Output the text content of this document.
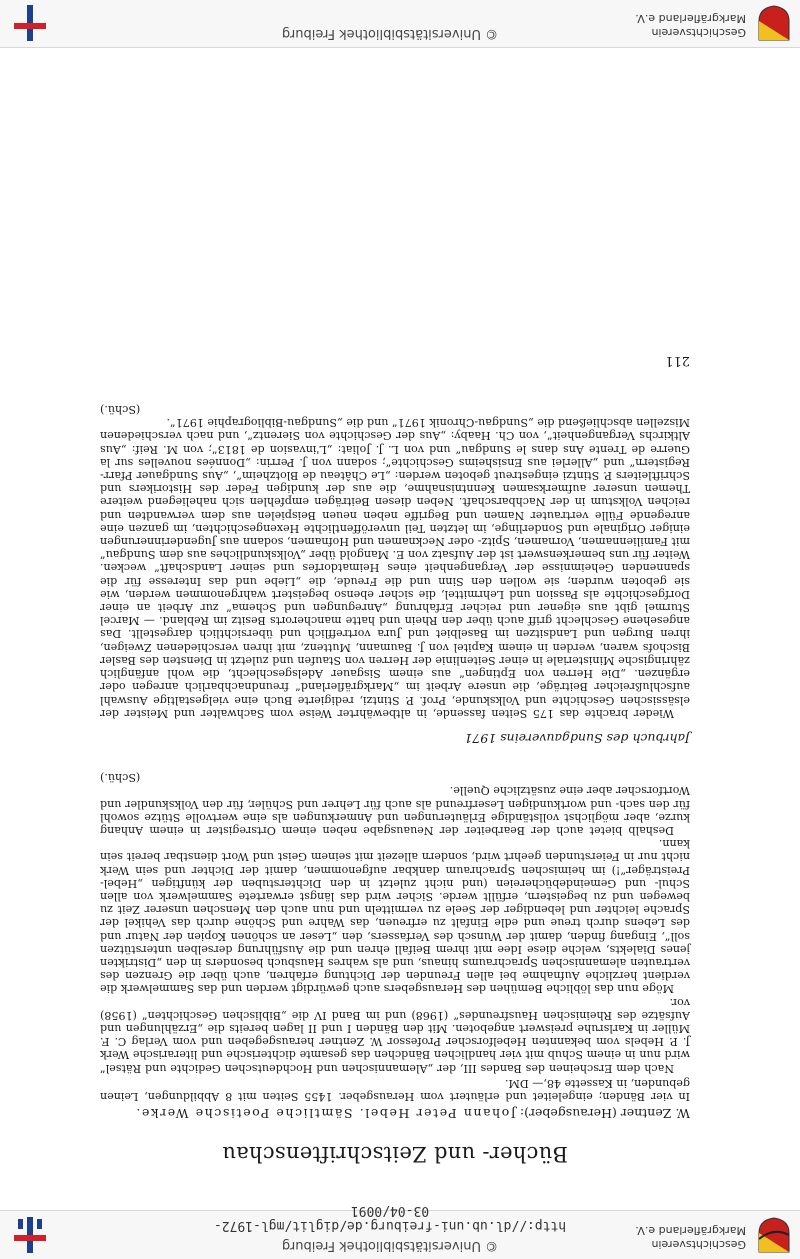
Geschichtsverein Markgräflerland e.V.
© Universitätsbibliothek Freiburg
http://dl.ub.uni-freiburg.de/diglit/mgl-1972-03-04/0091
Bücher- und Zeitschriftenschau
W. Zentner (Herausgeber): Johann Peter Hebel. Sämtliche Poetische Werke.

In vier Bänden; eingeleitet und erläutert vom Herausgeber. 1455 Seiten mit 8 Abbildungen, Leinen gebunden, in Kassette 48,— DM.

Nach dem Erscheinen des Bandes III, der „Alemannischen und Hochdeutschen Gedichte und Rätsel“ wird nun in einem Schub mit vier handlichen Bändchen das gesamte dichterische und literarische Werk J. P. Hebels vom bekannten Hebelforscher Professor W. Zentner herausgegeben und vom Verlag C. F. Müller in Karlsruhe preiswert angeboten. Mit den Bänden I und II lagen bereits die „Erzählungen und Aufsätze des Rheinischen Hausfreundes“ (1968) und im Band IV die „Biblischen Geschichten“ (1958) vor.

Möge nun das löbliche Bemühen des Herausgebers auch gewürdigt werden und das Sammelwerk die verdient herzliche Aufnahme bei allen Freunden der Dichtung erfahren, auch über die Grenzen des vertrauten alemannischen Sprachraums hinaus, und als wahres Hausbuch besonders in den „Distrikten jenes Dialekts, welche diese Idee mit ihrem Beifall ehren und die Ausführung derselben unterstützen soll“, Eingang finden, damit der Wunsch des Verfassers, den „Leser an schönen Kopien der Natur und des Lebens durch treue und edle Einfalt zu erfreuen, das Wahre und Schöne durch das Vehikel der Sprache leichter und lebendiger der Seele zu vermitteln und nun auch den Menschen unserer Zeit zu bewegen und zu begeistern, erfüllt werde. Sicher wird das längst erwartete Sammelwerk von allen Schul- und Gemeindebüchereien (und nicht zuletzt in den Dichterstuben der künftigen „Hebel-Preisträger“!) im heimischen Sprachraum dankbar aufgenommen, damit der Dichter und sein Werk nicht nur in Feierstunden geehrt wird, sondern allezeit mit seinem Geist und Wort dienstbar bereit sein kann.

Deshalb bietet auch der Bearbeiter der Neuausgabe neben einem Ortsregister in einem Anhang kurze, aber möglichst vollständige Erläuterungen und Anmerkungen als eine wertvolle Stütze sowohl für den sach- und wortkundigen Leserfreund als auch für Lehrer und Schüler, für den Volkskundler und Wortforscher aber eine zusätzliche Quelle.

(Schü.)

Jahrbuch des Sundgauvereins 1971

Wieder brachte das 175 Seiten fassende, in altbewährter Weise vom Sachwalter und Meister der elsässischen Geschichte und Volkskunde, Prof. P. Stintzi, redigierte Buch eine vielgestaltige Auswahl aufschlußreicher Beiträge, die unsere Arbeit im „Markgräflerland“ freundnachbarlich anregen oder ergänzen. „Die Herren von Eptingen“ aus einem Sisgauer Adelsgeschlecht, die wohl anfänglich zähringische Ministeriale in einer Seitenlinie der Herren von Staufen und zuletzt in Diensten des Basler Bischofs waren, werden in einem Kapitel von J. Baumann, Muttenz, mit ihren verschiedenen Zweigen, ihren Burgen und Landsitzen im Baselbiet und Jura vortrefflich und übersichtlich dargestellt. Das angesehene Geschlecht griff auch über den Rhein und hatte mancherorts Besitz im Rebland. — Marcel Sturmel gibt aus eigener und reicher Erfahrung „Anregungen und Schema“ zur Arbeit an einer Dorfgeschichte als Passion und Lehrmittel, die sicher ebenso begeistert wahrgenommen werden, wie sie geboten wurden; sie wollen den Sinn und die Freude, die „Liebe und das Interesse für die spannenden Geheimnisse der Vergangenheit eines Heimatdorfes und seiner Landschaft“ wecken. Weiter für uns bemerkenswert ist der Aufsatz von E. Mangold über „Volkskundliches aus dem Sundgau“ mit Familiennamen, Vornamen, Spitz- oder Necknamen und Hofnamen, sodann aus Jugenderinnerungen einiger Originale und Sonderlinge, im letzten Teil unveröffentlichte Hexengeschichten, im ganzen eine anregende Fülle vertrauter Namen und Begriffe neben neuen Beispielen aus dem verwandten und reichen Volkstum in der Nachbarschaft. Neben diesen Beiträgen empfehlen sich naheliegend weitere Themen unserer aufmerksamen Kenntnisnahme, die aus der kundigen Feder des Historikers und Schriftleiters P. Stintzi eingestreut geboten werden: „Le Château de Blotzheim“, „Aus Sundgauer Pfarr-Registern“ und „Allerlei aus Ensisheims Geschichte“; sodann von J. Perrin: „Données nouvelles sur la Guerre de Trente Ans dans le Sundgau“ und von L. J. Joliat: „L'invasion de 1813“; von M. Reif: „Aus Altkirchs Vergangenheit“, von Ch. Haaby: „Aus der Geschichte von Sierentz“, und nach verschiedenen Miszellen abschließend die „Sundgau-Chronik 1971“ und die „Sundgau-Bibliographie 1971“.

(Schü.)

211
Geschichtsverein Markgräflerland e.V.
© Universitätsbibliothek Freiburg
